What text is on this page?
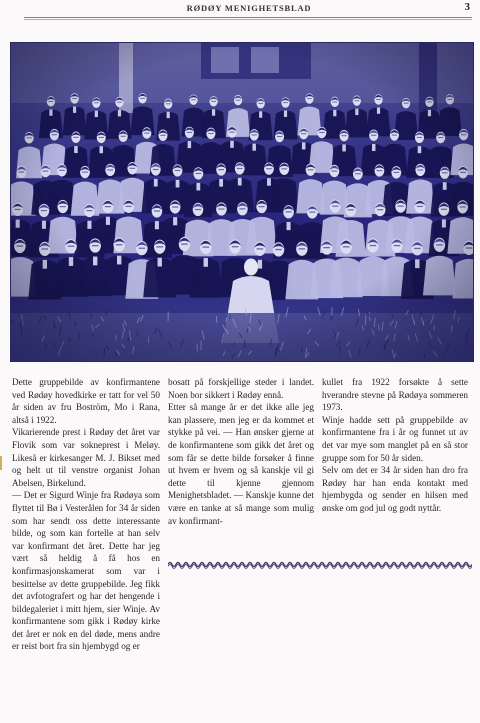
RØDØY MENIGHETSBLAD	3

Dette gruppebilde av konfirmantene ved Rødøy hovedkirke er tatt for vel 50 år siden av fru Boström, Mo i Rana, altså i 1922.

Vikarierende prest i Rødøy det året var Flovik som var sokneprest i Meløy. Likeså er kirkesanger M. J. Bikset med og helt ut til venstre organist Johan Abelsen, Birkelund.

— Det er Sigurd Winje fra Rødøya som flyttet til Bø i Vesterålen for 34 år siden som har sendt oss dette interessante bilde, og som kan fortelle at han selv var konfirmant det året. Dette har jeg vært så heldig å få hos en konfirmasjonskamerat som var i besittelse av dette gruppebilde. Jeg fikk det avfotografert og har det hengende i bildegaleriet i mitt hjem, sier Winje. Av konfirmantene som gikk i Rødøy kirke det året er nok en del døde, mens andre er reist bort fra sin hjembygd og er

bosatt på forskjellige steder i landet. Noen bor sikkert i Rødøy ennå.

Etter så mange år er det ikke alle jeg kan plassere, men jeg er da kommet et stykke på vei. — Han ønsker gjerne at de konfirmantene som gikk det året og som får se dette bilde forsøker å finne ut hvem er hvem og så kanskje vil gi dette til kjenne gjennom Menighetsbladet. — Kanskje kunne det være en tanke at så mange som mulig av konfirmant-

kullet fra 1922 forsøkte å sette hverandre stevne på Rødøya sommeren 1973.

Winje hadde sett på gruppebilde av konfirmantene fra i år og funnet ut av det var mye som manglet på en så stor gruppe som for 50 år siden.

Selv om det er 34 år siden han dro fra Rødøy har han enda kontakt med hjembygda og sender en hilsen med ønske om god jul og godt nyttår.
